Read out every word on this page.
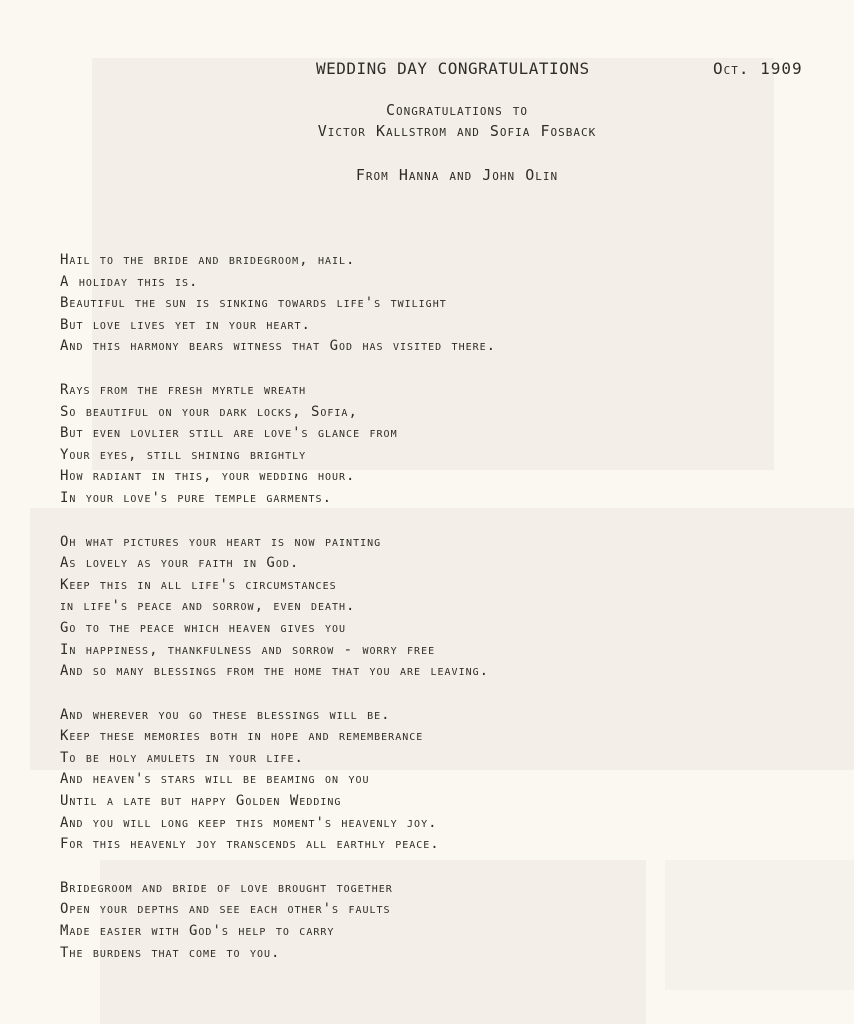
WEDDING DAY CONGRATULATIONS	Oct. 1909
Congratulations to
Victor Kallstrom and Sofia Fosback
From Hanna and John Olin
Hail to the bride and bridegroom, hail.
A holiday this is.
Beautiful the sun is sinking towards life's twilight
But love lives yet in your heart.
And this harmony bears witness that God has visited there.
Rays from the fresh myrtle wreath
So beautiful on your dark locks, Sofia,
But even lovlier still are love's glance from
Your eyes, still shining brightly
How radiant in this, your wedding hour.
In your love's pure temple garments.
Oh what pictures your heart is now painting
As lovely as your faith in God.
Keep this in all life's circumstances
in life's peace and sorrow, even death.
Go to the peace which heaven gives you
In happiness, thankfulness and sorrow - worry free
And so many blessings from the home that you are leaving.
And wherever you go these blessings will be.
Keep these memories both in hope and rememberance
To be holy amulets in your life.
And heaven's stars will be beaming on you
Until a late but happy Golden Wedding
And you will long keep this moment's heavenly joy.
For this heavenly joy transcends all earthly peace.
Bridegroom and bride of love brought together
Open your depths and see each other's faults
Made easier with God's help to carry
The burdens that come to you.
